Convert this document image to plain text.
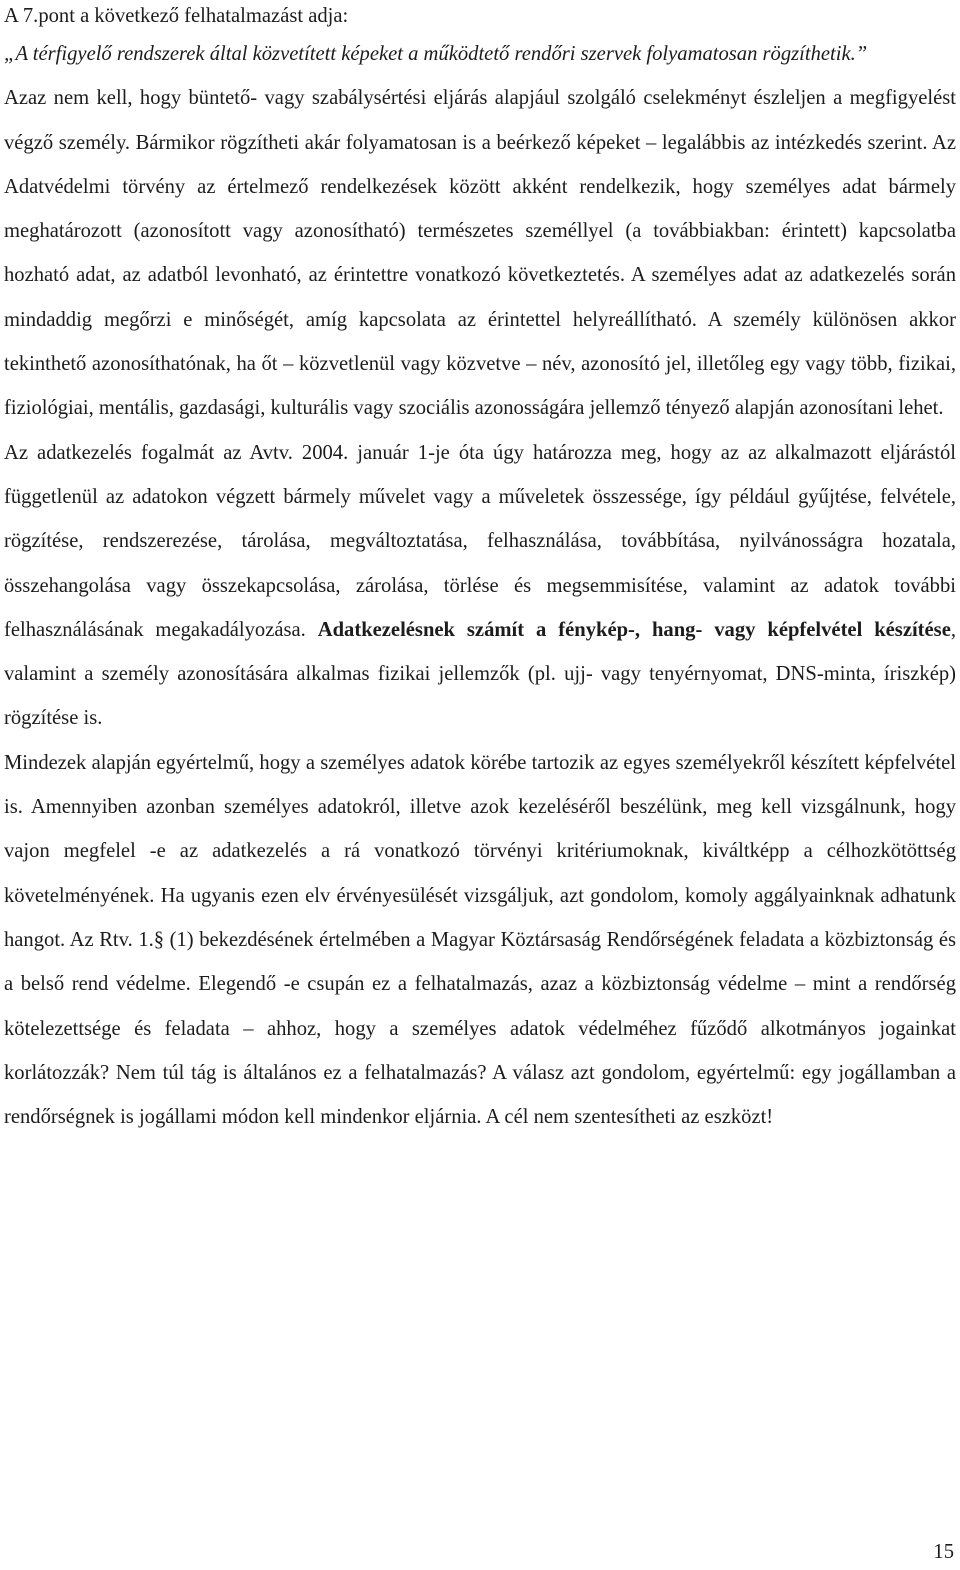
A 7.pont a következő felhatalmazást adja:

„A térfigyelő rendszerek által közvetített képeket a működtető rendőri szervek folyamatosan rögzíthetik.”

Azaz nem kell, hogy büntető- vagy szabálysértési eljárás alapjául szolgáló cselekményt észleljen a megfigyelést végző személy. Bármikor rögzítheti akár folyamatosan is a beérkező képeket – legalábbis az intézkedés szerint. Az Adatvédelmi törvény az értelmező rendelkezések között akként rendelkezik, hogy személyes adat bármely meghatározott (azonosított vagy azonosítható) természetes személlyel (a továbbiakban: érintett) kapcsolatba hozható adat, az adatból levonható, az érintettre vonatkozó következtetés. A személyes adat az adatkezelés során mindaddig megőrzi e minőségét, amíg kapcsolata az érintettel helyreállítható. A személy különösen akkor tekinthető azonosíthatónak, ha őt – közvetlenül vagy közvetve – név, azonosító jel, illetőleg egy vagy több, fizikai, fiziológiai, mentális, gazdasági, kulturális vagy szociális azonosságára jellemző tényező alapján azonosítani lehet.

Az adatkezelés fogalmát az Avtv. 2004. január 1-je óta úgy határozza meg, hogy az az alkalmazott eljárástól függetlenül az adatokon végzett bármely művelet vagy a műveletek összessége, így például gyűjtése, felvétele, rögzítése, rendszerezése, tárolása, megváltoztatása, felhasználása, továbbítása, nyilvánosságra hozatala, összehangolása vagy összekapcsolása, zárolása, törlése és megsemmisítése, valamint az adatok további felhasználásának megakadályozása. Adatkezelésnek számít a fénykép-, hang- vagy képfelvétel készítése, valamint a személy azonosítására alkalmas fizikai jellemzők (pl. ujj- vagy tenyérnyomat, DNS-minta, íriszkép) rögzítése is.

Mindezek alapján egyértelmű, hogy a személyes adatok körébe tartozik az egyes személyekről készített képfelvétel is. Amennyiben azonban személyes adatokról, illetve azok kezeléséről beszélünk, meg kell vizsgálnunk, hogy vajon megfelel -e az adatkezelés a rá vonatkozó törvényi kritériumoknak, kiváltképp a célhozkötöttség követelményének. Ha ugyanis ezen elv érvényesülését vizsgáljuk, azt gondolom, komoly aggályainknak adhatunk hangot. Az Rtv. 1.§ (1) bekezdésének értelmében a Magyar Köztársaság Rendőrségének feladata a közbiztonság és a belső rend védelme. Elegendő -e csupán ez a felhatalmazás, azaz a közbiztonság védelme – mint a rendőrség kötelezettsége és feladata – ahhoz, hogy a személyes adatok védelméhez fűződő alkotmányos jogainkat korlátozzák? Nem túl tág is általános ez a felhatalmazás? A válasz azt gondolom, egyértelmű: egy jogállamban a rendőrségnek is jogállami módon kell mindenkor eljárnia. A cél nem szentesítheti az eszközt!

15
